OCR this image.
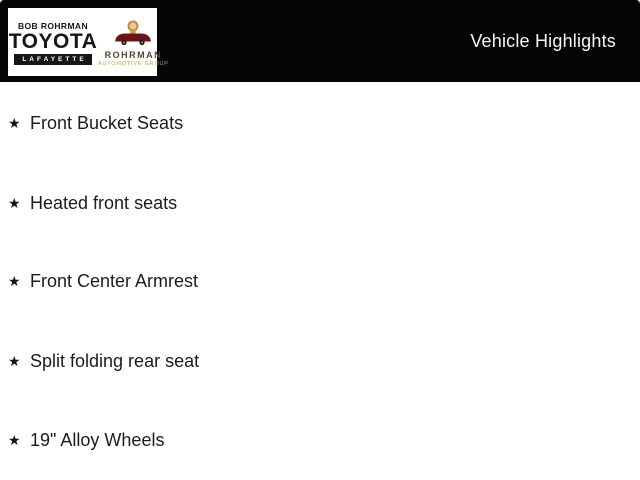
BOB ROHRMAN
TOYOTA
LAFAYETTE	ROHRMAN
AUTOMOTIVE GROUP
Vehicle Highlights
★ Front Bucket Seats
★ Heated front seats
★ Front Center Armrest
★ Split folding rear seat
★ 19" Alloy Wheels
